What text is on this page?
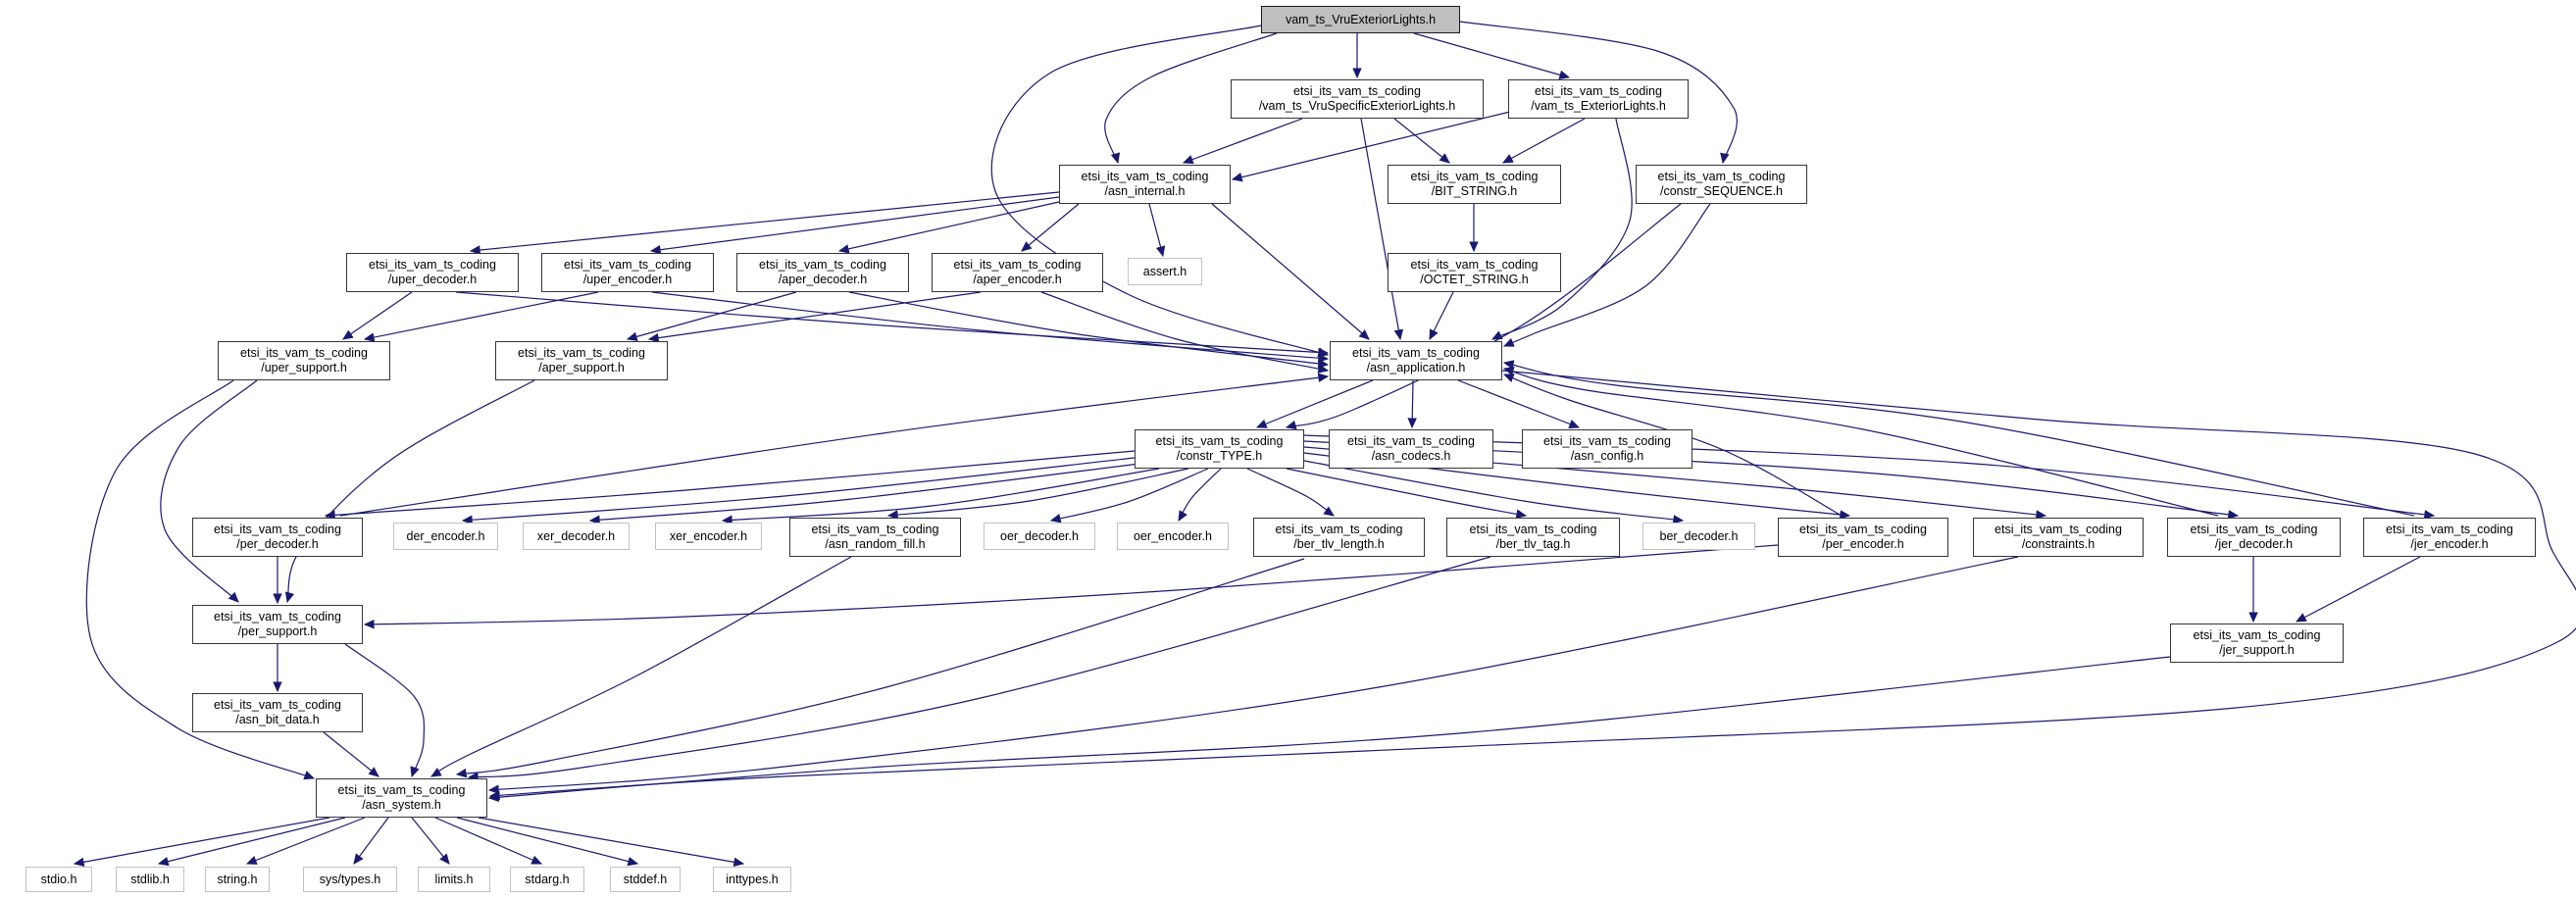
vam_ts_VruExteriorLights.h
etsi_its_vam_ts_coding
/vam_ts_VruSpecificExteriorLights.h
etsi_its_vam_ts_coding
/vam_ts_ExteriorLights.h
etsi_its_vam_ts_coding
/asn_internal.h
etsi_its_vam_ts_coding
/BIT_STRING.h
etsi_its_vam_ts_coding
/constr_SEQUENCE.h
etsi_its_vam_ts_coding
/uper_decoder.h
etsi_its_vam_ts_coding
/uper_encoder.h
etsi_its_vam_ts_coding
/aper_decoder.h
etsi_its_vam_ts_coding
/aper_encoder.h
assert.h	etsi_its_vam_ts_coding
/OCTET_STRING.h
etsi_its_vam_ts_coding
/uper_support.h
etsi_its_vam_ts_coding
/aper_support.h
etsi_its_vam_ts_coding
/asn_application.h
etsi_its_vam_ts_coding
/constr_TYPE.h
etsi_its_vam_ts_coding
/asn_codecs.h
etsi_its_vam_ts_coding
/asn_config.h
etsi_its_vam_ts_coding
/per_decoder.h
der_encoder.h	xer_decoder.h	xer_encoder.h	etsi_its_vam_ts_coding
/asn_random_fill.h
oer_decoder.h	oer_encoder.h	etsi_its_vam_ts_coding
/ber_tlv_length.h
etsi_its_vam_ts_coding
/ber_tlv_tag.h
ber_decoder.h	etsi_its_vam_ts_coding
/per_encoder.h
etsi_its_vam_ts_coding
/constraints.h
etsi_its_vam_ts_coding
/jer_decoder.h
etsi_its_vam_ts_coding
/jer_encoder.h
etsi_its_vam_ts_coding
/per_support.h	etsi_its_vam_ts_coding
/jer_support.h
etsi_its_vam_ts_coding
/asn_bit_data.h
etsi_its_vam_ts_coding
/asn_system.h
stdio.h	stdlib.h	string.h	sys/types.h	limits.h	stdarg.h	stddef.h	inttypes.h
